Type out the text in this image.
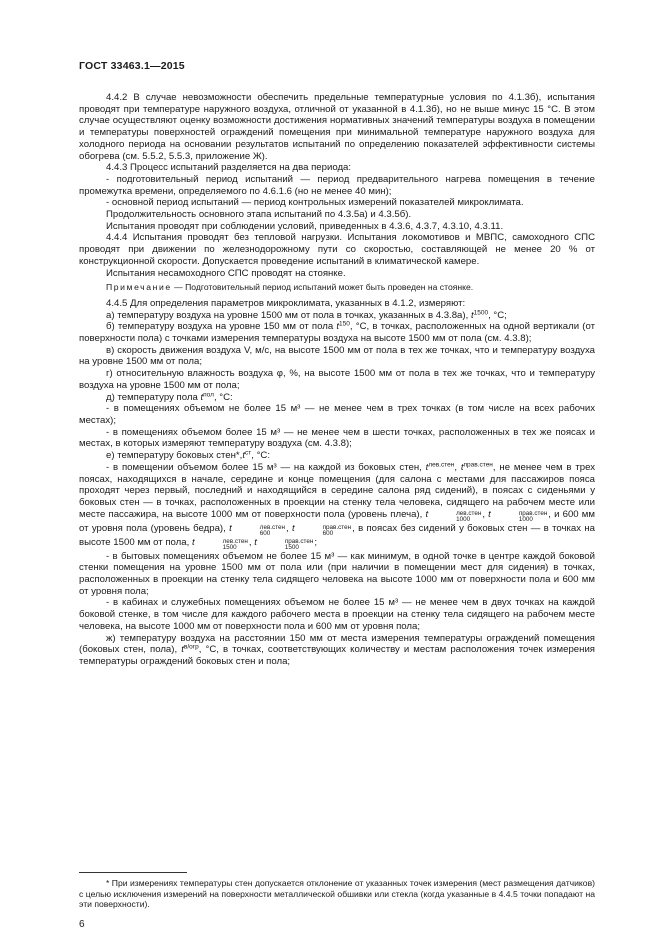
ГОСТ 33463.1—2015

4.4.2 В случае невозможности обеспечить предельные температурные условия по 4.1.3б), испытания проводят при температуре наружного воздуха, отличной от указанной в 4.1.3б), но не выше минус 15 °С. В этом случае осуществляют оценку возможности достижения нормативных значений температуры воздуха в помещении и температуры поверхностей ограждений помещения при минимальной температуре наружного воздуха для холодного периода на основании результатов испытаний по определению показателей эффективности системы обогрева (см. 5.5.2, 5.5.3, приложение Ж).

4.4.3 Процесс испытаний разделяется на два периода:

- подготовительный период испытаний — период предварительного нагрева помещения в течение промежутка времени, определяемого по 4.6.1.6 (но не менее 40 мин);

- основной период испытаний — период контрольных измерений показателей микроклимата.

Продолжительность основного этапа испытаний по 4.3.5а) и 4.3.5б).

Испытания проводят при соблюдении условий, приведенных в 4.3.6, 4.3.7, 4.3.10, 4.3.11.

4.4.4 Испытания проводят без тепловой нагрузки. Испытания локомотивов и МВПС, самоходного СПС проводят при движении по железнодорожному пути со скоростью, составляющей не менее 20 % от конструкционной скорости. Допускается проведение испытаний в климатической камере.

Испытания несамоходного СПС проводят на стоянке.

Примечание — Подготовительный период испытаний может быть проведен на стоянке.

4.4.5 Для определения параметров микроклимата, указанных в 4.1.2, измеряют:

а) температуру воздуха на уровне 1500 мм от пола в точках, указанных в 4.3.8а), $t^{1500}$, °С;

б) температуру воздуха на уровне 150 мм от пола $t^{150}$, °С, в точках, расположенных на одной вертикали (от поверхности пола) с точками измерения температуры воздуха на высоте 1500 мм от пола (см. 4.3.8);

в) скорость движения воздуха V, м/с, на высоте 1500 мм от пола в тех же точках, что и температуру воздуха на уровне 1500 мм от пола;

г) относительную влажность воздуха φ, %, на высоте 1500 мм от пола в тех же точках, что и температуру воздуха на уровне 1500 мм от пола;

д) температуру пола $t^{пол}$, °С:

- в помещениях объемом не более 15 м³ — не менее чем в трех точках (в том числе на всех рабочих местах);

- в помещениях объемом более 15 м³ — не менее чем в шести точках, расположенных в тех же поясах и местах, в которых измеряют температуру воздуха (см. 4.3.8);

е) температуру боковых $стен*,t^{ст}$, °С:

- в помещении объемом более 15 м³ — на каждой из боковых стен, $t^{лев.стен}$, $t^{прав.стен}$, не менее чем в трех поясах, находящихся в начале, середине и конце помещения (для салона с местами для пассажиров пояса проходят через первый, последний и находящийся в середине салона ряд сидений), в поясах с сиденьями у боковых стен — в точках, расположенных в проекции на стенку тела человека, сидящего на рабочем месте или месте пассажира, на высоте 1000 мм от поверхности пола (уровень плеча), t	лев.стен
1000	, t	прав.стен
1000	, и 600 мм от уровня пола (уровень бедра), t	лев.стен
600	, t	прав.стен
600	, в поясах без сидений у боковых стен — в точках на высоте 1500 мм от пола, t	лев.стен
1500	, t	прав.стен
1500	;

- в бытовых помещениях объемом не более 15 м³ — как минимум, в одной точке в центре каждой боковой стенки помещения на уровне 1500 мм от пола или (при наличии в помещении мест для сидения) в точках, расположенных в проекции на стенку тела сидящего человека на высоте 1000 мм от поверхности пола и 600 мм от уровня пола;

- в кабинах и служебных помещениях объемом не более 15 м³ — не менее чем в двух точках на каждой боковой стенке, в том числе для каждого рабочего места в проекции на стенку тела сидящего на рабочем месте человека, на высоте 1000 мм от поверхности пола и 600 мм от уровня пола;

ж) температуру воздуха на расстоянии 150 мм от места измерения температуры ограждений помещения (боковых стен, пола), $t^{в/огр}$, °С, в точках, соответствующих количеству и местам расположения точек измерения температуры ограждений боковых стен и пола;

* При измерениях температуры стен допускается отклонение от указанных точек измерения (мест размещения датчиков) с целью исключения измерений на поверхности металлической обшивки или стекла (когда указанные в 4.4.5 точки попадают на эти поверхности).
6
